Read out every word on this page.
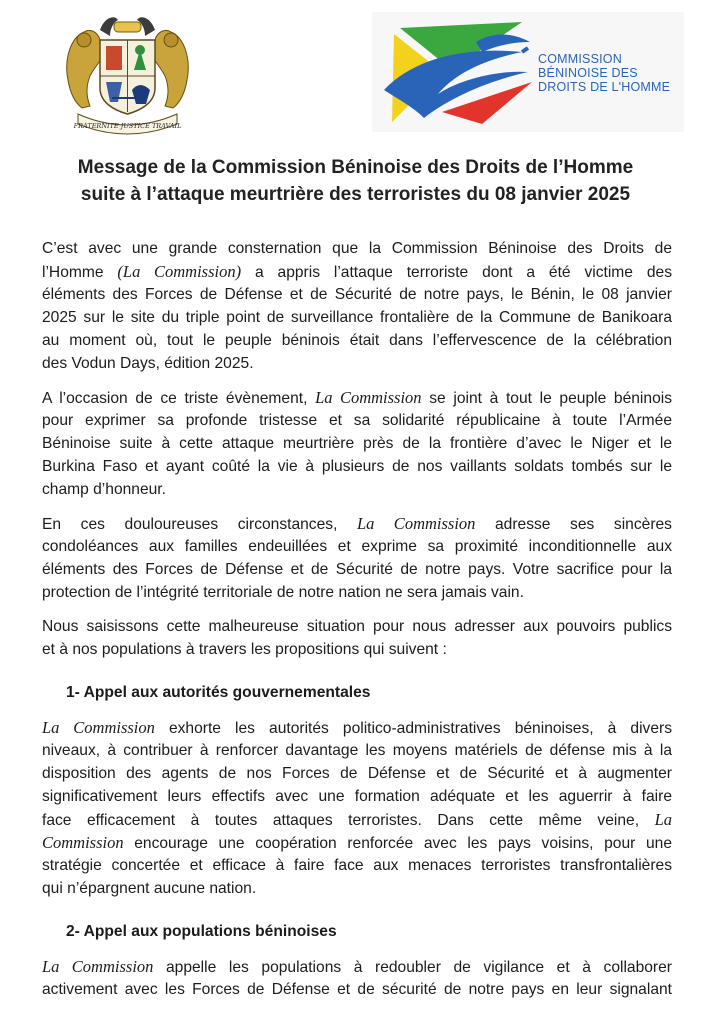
FRATERNITE JUSTICE TRAVAIL
COMMISSION
BÉNINOISE DES
DROITS DE L'HOMME
Message de la Commission Béninoise des Droits de l’Homme
suite à l’attaque meurtrière des terroristes du 08 janvier 2025
C’est avec une grande consternation que la Commission Béninoise des Droits de
l’Homme (La Commission) a appris l’attaque terroriste dont a été victime des
éléments des Forces de Défense et de Sécurité de notre pays, le Bénin, le 08 janvier
2025 sur le site du triple point de surveillance frontalière de la Commune de Banikoara
au moment où, tout le peuple béninois était dans l’effervescence de la célébration
des Vodun Days, édition 2025.
A l’occasion de ce triste évènement, La Commission se joint à tout le peuple béninois
pour exprimer sa profonde tristesse et sa solidarité républicaine à toute l’Armée
Béninoise suite à cette attaque meurtrière près de la frontière d’avec le Niger et le
Burkina Faso et ayant coûté la vie à plusieurs de nos vaillants soldats tombés sur le
champ d’honneur.
En ces douloureuses circonstances, La Commission adresse ses sincères
condoléances aux familles endeuillées et exprime sa proximité inconditionnelle aux
éléments des Forces de Défense et de Sécurité de notre pays. Votre sacrifice pour la
protection de l’intégrité territoriale de notre nation ne sera jamais vain.
Nous saisissons cette malheureuse situation pour nous adresser aux pouvoirs publics
et à nos populations à travers les propositions qui suivent :
1- Appel aux autorités gouvernementales
La Commission exhorte les autorités politico-administratives béninoises, à divers
niveaux, à contribuer à renforcer davantage les moyens matériels de défense mis à la
disposition des agents de nos Forces de Défense et de Sécurité et à augmenter
significativement leurs effectifs avec une formation adéquate et les aguerrir à faire
face efficacement à toutes attaques terroristes. Dans cette même veine, La
Commission encourage une coopération renforcée avec les pays voisins, pour une
stratégie concertée et efficace à faire face aux menaces terroristes transfrontalières
qui n’épargnent aucune nation.
2- Appel aux populations béninoises
La Commission appelle les populations à redoubler de vigilance et à collaborer
activement avec les Forces de Défense et de sécurité de notre pays en leur signalant
